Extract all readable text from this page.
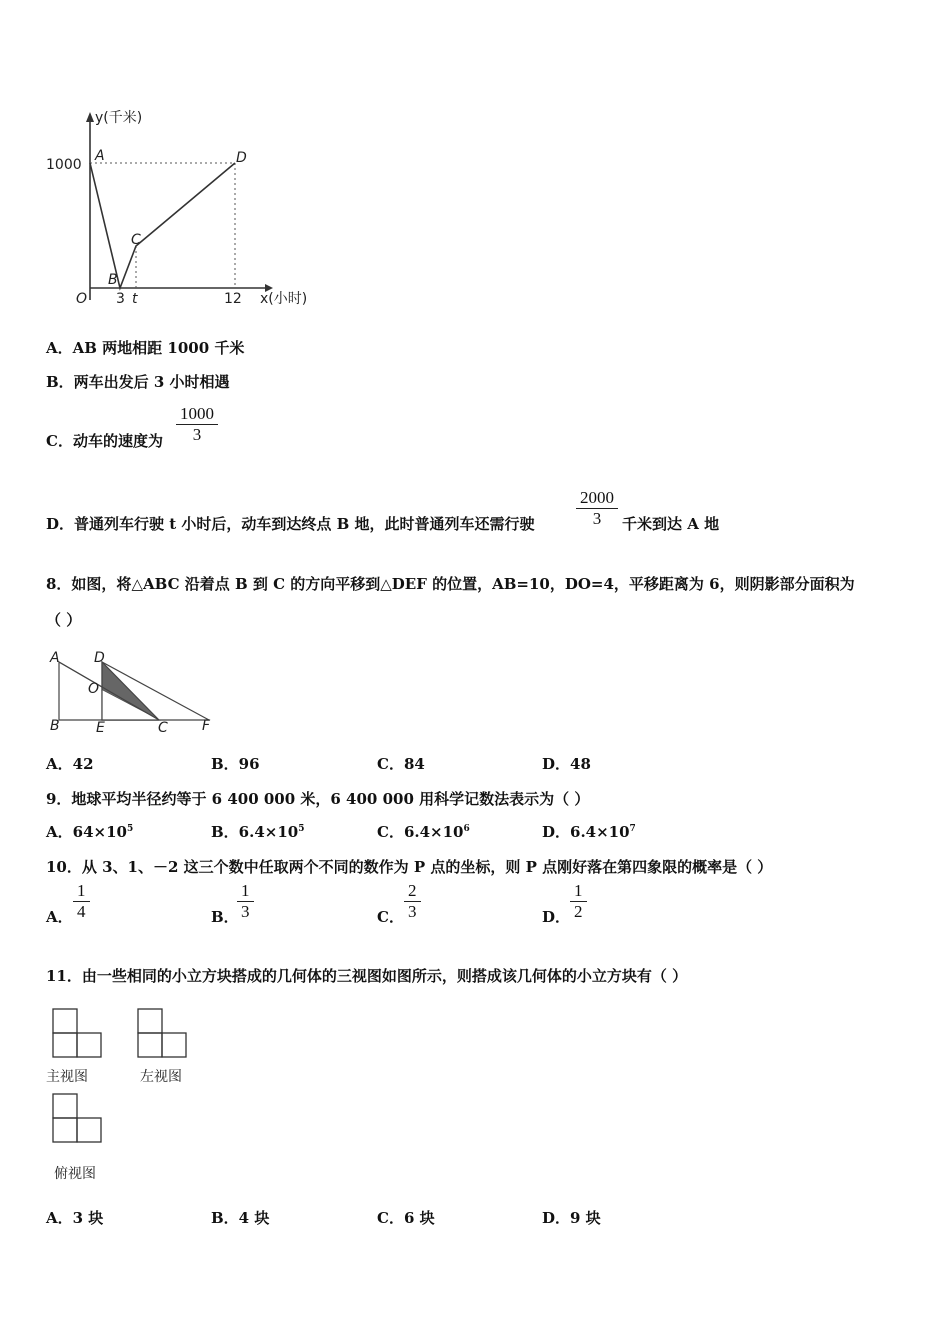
y(千米)
x(小时)
1000
O 3 t	12
A
B
C
D
A．AB 两地相距 1000 千米
B．两车出发后 3 小时相遇
C．动车的速度为 $\frac{1000}{3}$
D．普通列车行驶 t 小时后，动车到达终点 B 地，此时普通列车还需行驶 $\frac{2000}{3}$ 千米到达 A 地
8．如图，将△ABC 沿着点 B 到 C 的方向平移到△DEF 的位置，AB=10，DO=4，平移距离为 6，则阴影部分面积为
（ ）
A D
O
B	E	C F
A．42	B．96	C．84	D．48
9．地球平均半径约等于 6 400 000 米，6 400 000 用科学记数法表示为（ ）
A．$64\times 10^5$	B．$6.4\times 10^5$	C．$6.4\times 10^6$	D．$6.4\times 10^7$
10．从 3、1、－2 这三个数中任取两个不同的数作为 P 点的坐标，则 P 点刚好落在第四象限的概率是（ ）
A． $\frac{1}{4}$	B．
$\frac{1}{3}$	C． $\frac{2}{3}$	D． $\frac{1}{2}$
11．由一些相同的小立方块搭成的几何体的三视图如图所示，则搭成该几何体的小立方块有（ ）
主视图	左视图
俯视图
A．3 块	B．4 块	C．6 块	D．9 块
